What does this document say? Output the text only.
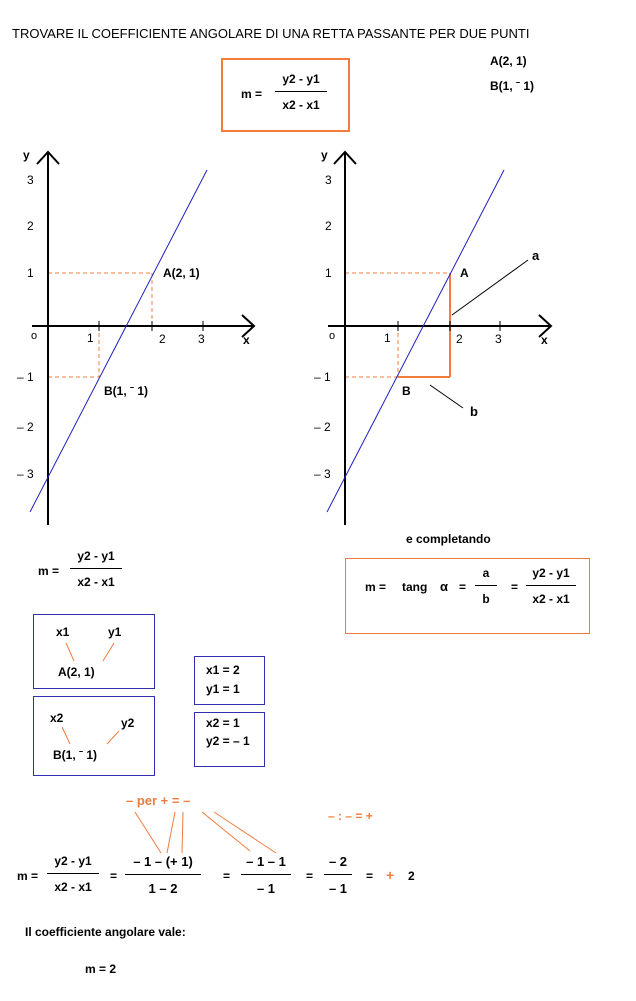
TROVARE IL COEFFICIENTE ANGOLARE DI UNA RETTA PASSANTE PER DUE PUNTI
A(2, 1)
B(1, ˉ 1)
m =
y2 - y1
x2 - x1
y
x
o
3
2
1
– 1
– 2
– 3
1	2	3
A(2, 1)
B(1, ˉ 1)
y
x
o
3
2
1
– 1
– 2
– 3
1	2	3
A
B
a
b
e completando
m = tang α =
a
b
=
y2 - y1
x2 - x1
m =
y2 - y1
x2 - x1
x1	y1
A(2, 1)
x2	y2
B(1, ˉ 1)
x1 = 2
y1 = 1
x2 = 1
y2 = – 1
– per + = –
– : – = +
m =
y2 - y1
x2 - x1
=
– 1 – (+ 1)
1 – 2
=
– 1 – 1
– 1
=
– 2
– 1
= + 2
Il coefficiente angolare vale:
m = 2
